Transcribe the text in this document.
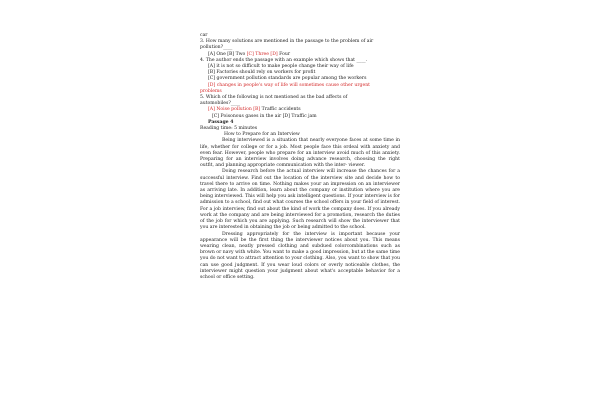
car
3. How many solutions are mentioned in the passage to the problem of air
pollution?____
[A] One [B] Two [C] Three [D] Four
4. The author ends the passage with an example which shows that ____.
[A] it is not so difficult to make people change their way of life
[B] Factories should rely on workers for profit
[C] government pollution standards are popular among the workers
[D] changes in people's way of life will sometimes cause other urgent
problems
5. Which of the following is not mentioned as the bad affects of
automobiles?____
[A] Noise pollution [B] Traffic accidents
[C] Poisonous gases in the air [D] Traffic jam
Passage 4
Reading time: 5 minutes
How to Prepare for an Interview
Being interviewed is a situation that nearly everyone faces at some time in life, whether for college or for a job. Most people face this ordeal with anxiety and even fear. However, people who prepare for an interview avoid much of this anxiety. Preparing for an interview involves doing advance research, choosing the right outfit, and planning appropriate communication with the inter- viewer.
Doing research before the actual interview will increase the chances for a successful interview. Find out the location of the interview site and decide how to travel there to arrive on time. Nothing makes your an impression on an interviewer as arriving late. In addition, learn about the company or institution where you are being interviewed. This will help you ask intelligent questions. If your interview is for admission to a school, find out what courses the school offers in your field of interest. For a job interview, find out about the kind of work the company does. If you already work at the company and are being interviewed for a promotion, research the duties of the job for which you are applying. Such research will show the interviewer that you are interested in obtaining the job or being admitted to the school.
Dressing appropriately for the interview is important because your appearance will be the first thing the interviewer notices about you. This means wearing clean, neatly pressed clothing and subdued colorcombinations such as brown or navy with white. You want to make a good impression, but at the same time you do not want to attract attention to your clothing. Also, you want to show that you can use good judgment. If you wear loud colors or overly noticeable clothes, the interviewer might question your judgment about what's acceptable behavior for a school or office setting.
